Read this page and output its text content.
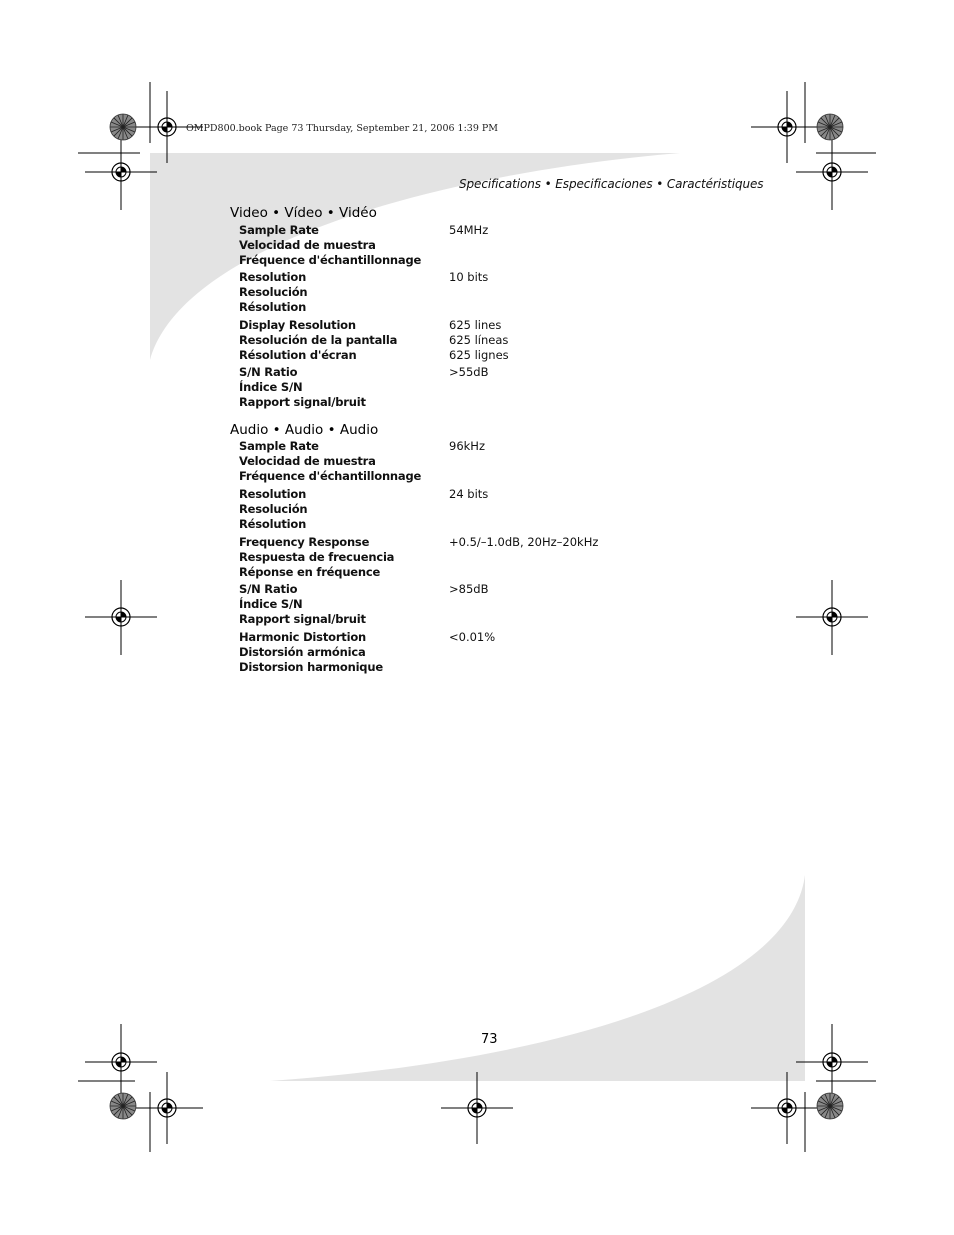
OMPD800.book Page 73 Thursday, September 21, 2006 1:39 PM
Specifications • Especificaciones • Caractéristiques
Video • Vídeo • Vidéo
Sample Rate
Velocidad de muestra
Fréquence d'échantillonnage
54MHz
Resolution
Resolución
Résolution
10 bits
Display Resolution
Resolución de la pantalla
Résolution d'écran
625 lines
625 líneas
625 lignes
S/N Ratio
Índice S/N
Rapport signal/bruit
>55dB
Audio • Audio • Audio
Sample Rate
Velocidad de muestra
Fréquence d'échantillonnage
96kHz
Resolution
Resolución
Résolution
24 bits
Frequency Response
Respuesta de frecuencia
Réponse en fréquence
+0.5/–1.0dB, 20Hz–20kHz
S/N Ratio
Índice S/N
Rapport signal/bruit
>85dB
Harmonic Distortion
Distorsión armónica
Distorsion harmonique
<0.01%
73
